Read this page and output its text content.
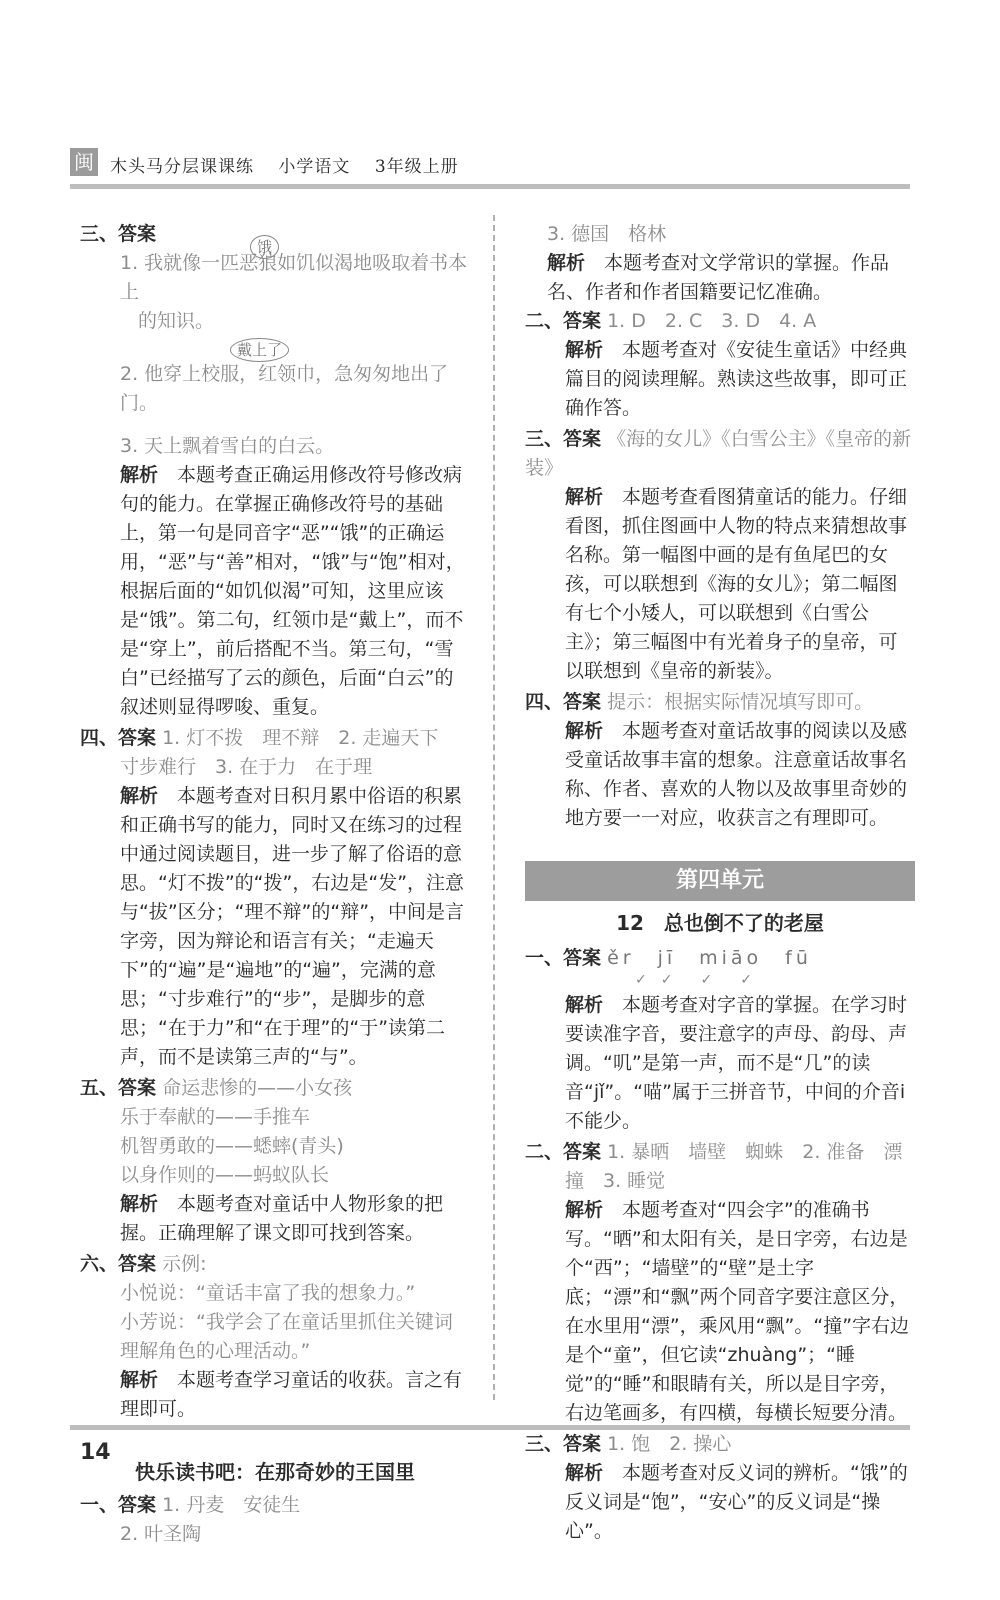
闽 木头马分层课课练 小学语文 3年级上册

三、答案

饿

1. 我就像一匹恶狼如饥似渴地吸取着书本上

的知识。

戴上了

2. 他穿上校服，红领巾，急匆匆地出了门。

3. 天上飘着雪白的白云。

解析　 本题考查正确运用修改符号修改病句的能力。在掌握正确修改符号的基础上，第一句是同音字“恶”“饿”的正确运用，“恶”与“善”相对，“饿”与“饱”相对，根据后面的“如饥似渴”可知，这里应该是“饿”。第二句，红领巾是“戴上”，而不是“穿上”，前后搭配不当。第三句，“雪白”已经描写了云的颜色，后面“白云”的叙述则显得啰唆、重复。

四、答案 1. 灯不拨　理不辩　2. 走遍天下

寸步难行　3. 在于力　在于理

解析　 本题考查对日积月累中俗语的积累和正确书写的能力，同时又在练习的过程中通过阅读题目，进一步了解了俗语的意思。“灯不拨”的“拨”，右边是“发”，注意与“拔”区分；“理不辩”的“辩”，中间是言字旁，因为辩论和语言有关；“走遍天下”的“遍”是“遍地”的“遍”，完满的意思；“寸步难行”的“步”，是脚步的意思；“在于力”和“在于理”的“于”读第二声，而不是读第三声的“与”。

五、答案 命运悲惨的——小女孩

乐于奉献的——手推车

机智勇敢的——蟋蟀(青头)

以身作则的——蚂蚁队长

解析　 本题考查对童话中人物形象的把握。正确理解了课文即可找到答案。

六、答案 示例:

小悦说：“童话丰富了我的想象力。”

小芳说：“我学会了在童话里抓住关键词理解角色的心理活动。”

解析　 本题考查学习童话的收获。言之有理即可。

快乐读书吧：在那奇妙的王国里

一、答案 1. 丹麦　安徒生

2. 叶圣陶

3. 德国　格林

解析　 本题考查对文学常识的掌握。作品名、作者和作者国籍要记忆准确。

二、答案 1. D　2. C　3. D　4. A

解析　 本题考查对《安徒生童话》中经典篇目的阅读理解。熟读这些故事，即可正确作答。

三、答案 《海的女儿》《白雪公主》《皇帝的新装》

解析　 本题考查看图猜童话的能力。仔细看图，抓住图画中人物的特点来猜想故事名称。第一幅图中画的是有鱼尾巴的女孩，可以联想到《海的女儿》；第二幅图有七个小矮人，可以联想到《白雪公主》；第三幅图中有光着身子的皇帝，可以联想到《皇帝的新装》。

四、答案 提示：根据实际情况填写即可。

解析　 本题考查对童话故事的阅读以及感受童话故事丰富的想象。注意童话故事名称、作者、喜欢的人物以及故事里奇妙的地方要一一对应，收获言之有理即可。

第四单元
12　总也倒不了的老屋

一、答案 ěr　jī　miāo　fū

✓　✓　　✓　　✓

解析　 本题考查对字音的掌握。在学习时要读准字音，要注意字的声母、韵母、声调。“叽”是第一声，而不是“几”的读音“jǐ”。“喵”属于三拼音节，中间的介音i不能少。

二、答案 1. 暴晒　墙壁　蜘蛛　2. 准备　漂

撞　3. 睡觉

解析　 本题考查对“四会字”的准确书写。“晒”和太阳有关，是日字旁，右边是个“西”；“墙壁”的“壁”是土字底；“漂”和“飘”两个同音字要注意区分，在水里用“漂”，乘风用“飘”。“撞”字右边是个“童”，但它读“zhuàng”；“睡觉”的“睡”和眼睛有关，所以是目字旁，右边笔画多，有四横，每横长短要分清。

三、答案 1. 饱　2. 操心

解析　 本题考查对反义词的辨析。“饿”的反义词是“饱”，“安心”的反义词是“操心”。

14
